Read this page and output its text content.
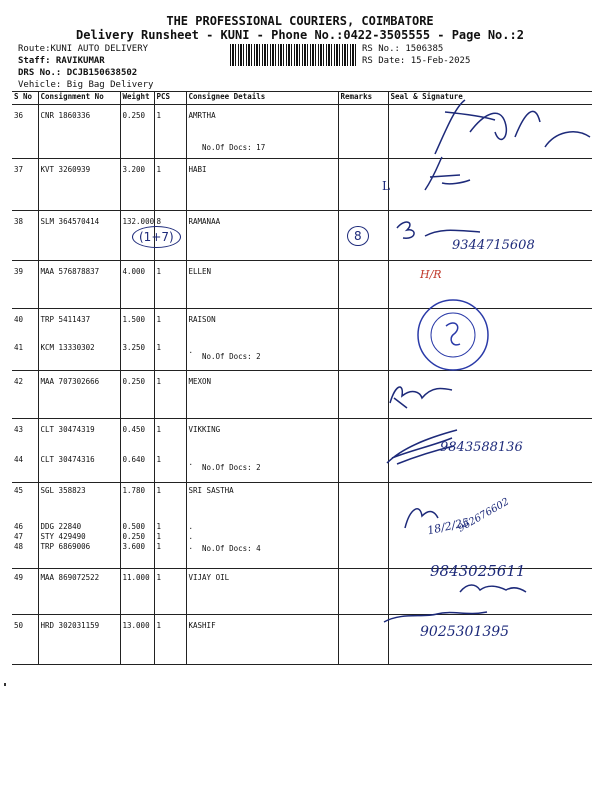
THE PROFESSIONAL COURIERS, COIMBATORE
Delivery Runsheet - KUNI - Phone No.:0422-3505555 - Page No.:2
Route:KUNI AUTO DELIVERY
Staff: RAVIKUMAR
DRS No.: DCJB150638502
Vehicle: Big Bag Delivery
RS No.: 1506385
RS Date: 15-Feb-2025
S No	Consignment No	Weight	PCS	Consignee Details	Remarks	Seal & Signature
36	CNR 1860336	0.250	1	AMRTHA		
37	KVT 3260939	3.200	1	HABI		
38	SLM 364570414	132.000	8	RAMANAA		
39	MAA 576878837	4.000	1	ELLEN		
40	TRP 5411437	1.500	1	RAISON		
41	KCM 13330302	3.250	1	.		
42	MAA 707302666	0.250	1	MEXON		
43	CLT 30474319	0.450	1	VIKKING		
44	CLT 30474316	0.640	1	.		
45	SGL 358823	1.780	1	SRI SASTHA		
46	DDG 22840	0.500	1	.		
47	STY 429490	0.250	1	.		
48	TRP 6869006	3.600	1	.		
49	MAA 869072522	11.000	1	VIJAY OIL		
50	HRD 302031159	13.000	1	KASHIF		
No.Of Docs: 17
No.Of Docs: 2
No.Of Docs: 2
No.Of Docs: 4
L
(1+7)	8
9344715608
H/R
9843588136
18/2/25
962676602
9843025611
9025301395
